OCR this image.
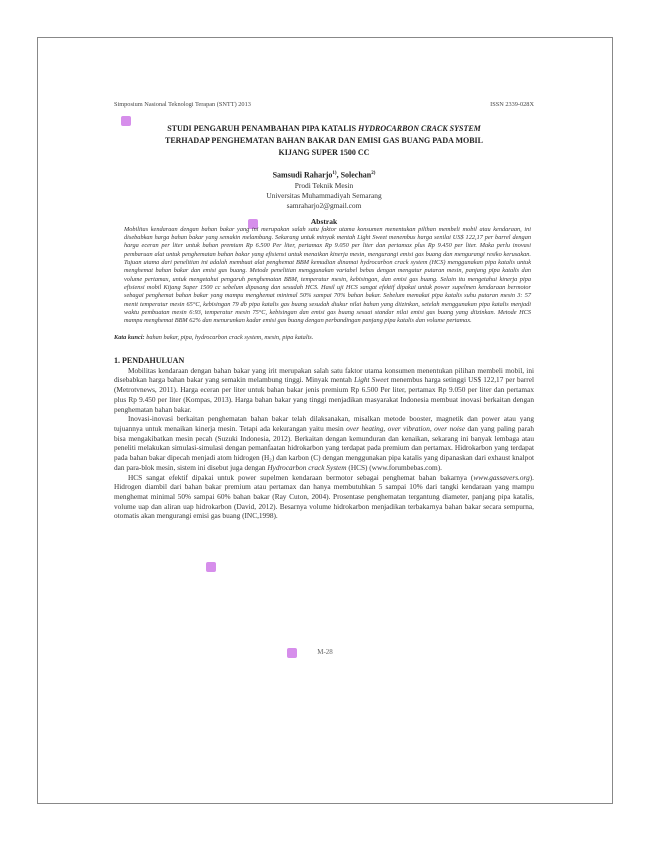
Simposium Nasional Teknologi Terapan (SNTT) 2013	ISSN 2339-028X
STUDI PENGARUH PENAMBAHAN PIPA KATALIS HYDROCARBON CRACK SYSTEM
TERHADAP PENGHEMATAN BAHAN BAKAR DAN EMISI GAS BUANG PADA MOBIL
KIJANG SUPER 1500 CC
Samsudi Raharjo$^{1)}$, Solechan$^{2)}$
Prodi Teknik Mesin
Universitas Muhammadiyah Semarang
samraharjo2@gmail.com
Abstrak
Mobilitas kendaraan dengan bahan bakar yang ini merupakan salah satu faktor utama konsumen menentukan pilihan membeli mobil atau kendaraan, ini disebabkan harga bahan bakar yang semakin melambung. Sekarang untuk minyak mentah Light Sweet menembus harga senilai US$ 122,17 per barrel dengan harga eceran per liter untuk bahan premium Rp 6.500 Per liter, pertamax Rp 9.050 per liter dan pertamax plus Rp 9.450 per liter. Maka perlu inovasi pembaruan alat untuk penghematan bahan bakar yang efisiensi untuk menaikan kinerja mesin, mengurangi emisi gas buang dan mengurangi resiko kerusakan. Tujuan utama dari penelitian ini adalah membuat alat penghemat BBM kemudian dinamai hydrocarbon crack system (HCS) menggunakan pipa katalis untuk menghemat bahan bakar dan emisi gas buang. Metode penelitian menggunakan variabel bebas dengan mengatur putaran mesin, panjang pipa katalis dan volume pertamax, untuk mengetahui pengaruh penghematan BBM, temperatur mesin, kebisingan, dan emisi gas buang. Selain itu mengetahui kinerja pipa efisiensi mobil Kijang Super 1500 cc sebelum dipasang dan sesudah HCS. Hasil uji HCS sangat efektif dipakai untuk power supelmen kendaraan bermotor sebagai penghemat bahan bakar yang mampu menghemat minimal 50% sampai 70% bahan bakar. Sebelum memakai pipa katalis suhu putaran mesin 3: 57 menit temperatur mesin 65°C, kebisingan 79 db pipa katalis gas buang sesudah diukur nilai bahan yang diizinkan, setelah menggunakan pipa katalis menjadi waktu pembuatan mesin 6:93, temperatur mesin 75°C, kebisingan dan emisi gas buang sesuai standar nilai emisi gas buang yang diizinkan. Metode HCS mampu menghemat BBM 62% dan menurunkan kadar emisi gas buang dengan perbandingan panjang pipa katalis dan volume pertamax.
Kata kunci: bahan bakar, pipa, hydrocarbon crack system, mesin, pipa katalis.
1. PENDAHULUAN

Mobilitas kendaraan dengan bahan bakar yang irit merupakan salah satu faktor utama konsumen menentukan pilihan membeli mobil, ini disebabkan harga bahan bakar yang semakin melambung tinggi. Minyak mentah Light Sweet menembus harga setinggi US$ 122,17 per barrel (Metrotvnews, 2011). Harga eceran per liter untuk bahan bakar jenis premium Rp 6.500 Per liter, pertamax Rp 9.050 per liter dan pertamax plus Rp 9.450 per liter (Kompas, 2013). Harga bahan bakar yang tinggi menjadikan masyarakat Indonesia membuat inovasi berkaitan dengan penghematan bahan bakar.

Inovasi-inovasi berkaitan penghematan bahan bakar telah dilaksanakan, misalkan metode booster, magnetik dan power atau yang tujuannya untuk menaikan kinerja mesin. Tetapi ada kekurangan yaitu mesin over heating, over vibration, over noise dan yang paling parah bisa mengakibatkan mesin pecah (Suzuki Indonesia, 2012). Berkaitan dengan kemunduran dan kenaikan, sekarang ini banyak lembaga atau peneliti melakukan simulasi-simulasi dengan pemanfaatan hidrokarbon yang terdapat pada premium dan pertamax. Hidrokarbon yang terdapat pada bahan bakar dipecah menjadi atom hidrogen (H₂) dan karbon (C) dengan menggunakan pipa katalis yang dipanaskan dari exhaust knalpot dan para-blok mesin, sistem ini disebut juga dengan Hydrocarbon crack System (HCS) (www.forumbebas.com).

HCS sangat efektif dipakai untuk power supelmen kendaraan bermotor sebagai penghemat bahan bakarnya (www.gassavers.org). Hidrogen diambil dari bahan bakar premium atau pertamax dan hanya membutuhkan 5 sampai 10% dari tangki kendaraan yang mampu menghemat minimal 50% sampai 60% bahan bakar (Ray Cuton, 2004). Prosentase penghematan tergantung diameter, panjang pipa katalis, volume uap dan aliran uap hidrokarbon (David, 2012). Besarnya volume hidrokarbon menjadikan terbakarnya bahan bakar secara sempurna, otomatis akan mengurangi emisi gas buang (INC,1998).

M-28
